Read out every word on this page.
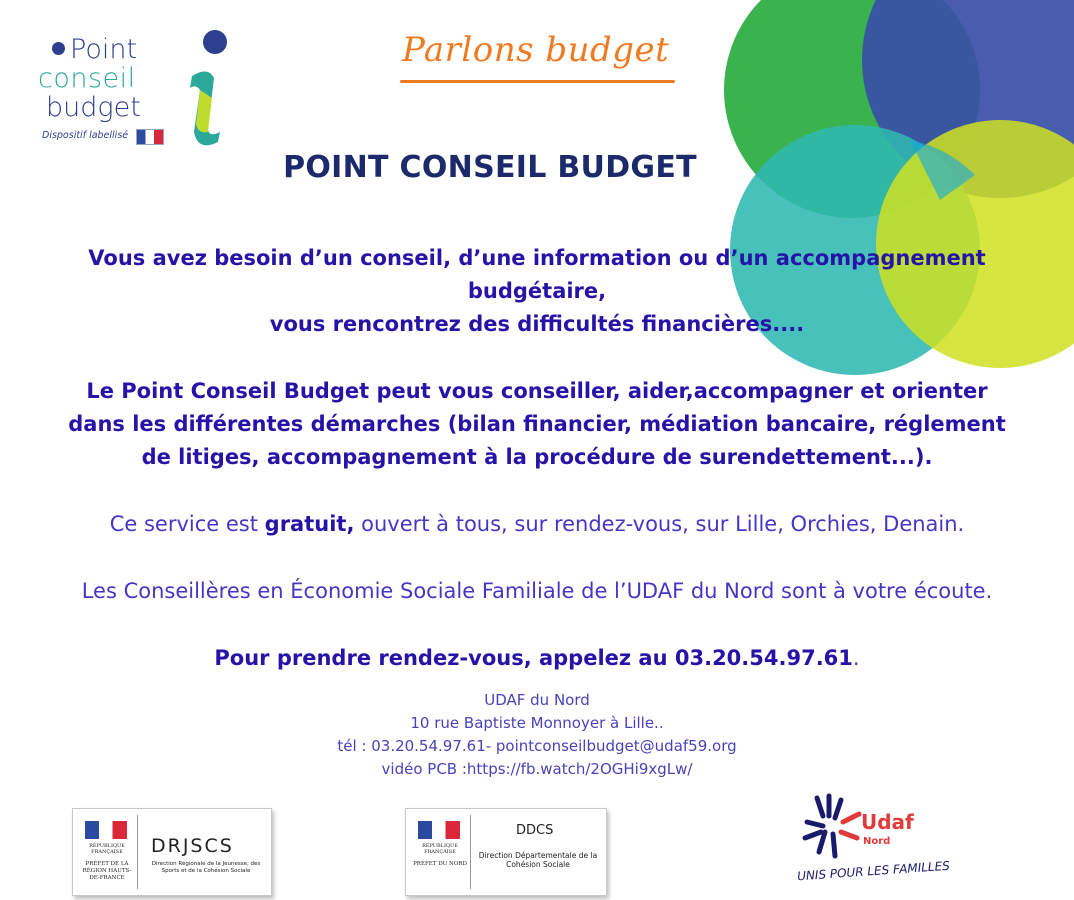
Point
conseil
budget
Dispositif labellisé
Parlons budget
POINT CONSEIL BUDGET
Vous avez besoin d’un conseil, d’une information ou d’un accompagnement
budgétaire,
vous rencontrez des difficultés financières....
Le Point Conseil Budget peut vous conseiller, aider,accompagner et orienter
dans les différentes démarches (bilan financier, médiation bancaire, réglement
de litiges, accompagnement à la procédure de surendettement...).
Ce service est gratuit, ouvert à tous, sur rendez-vous, sur Lille, Orchies, Denain.
Les Conseillères en Économie Sociale Familiale de l’UDAF du Nord sont à votre écoute.
Pour prendre rendez-vous, appelez au 03.20.54.97.61.
UDAF du Nord
10 rue Baptiste Monnoyer à Lille..
tél : 03.20.54.97.61- pointconseilbudget@udaf59.org
vidéo PCB :https://fb.watch/2OGHi9xgLw/
RÉPUBLIQUE FRANÇAISE
PRÉFET DE LA RÉGION HAUTS-DE-FRANCE
DRJSCS
Direction Régionale de la Jeunesse, des Sports et de la Cohésion Sociale
RÉPUBLIQUE FRANÇAISE
PRÉFET DU NORD
DDCS
Direction Départementale de la Cohésion Sociale
Udaf
Nord
UNIS POUR LES FAMILLES
